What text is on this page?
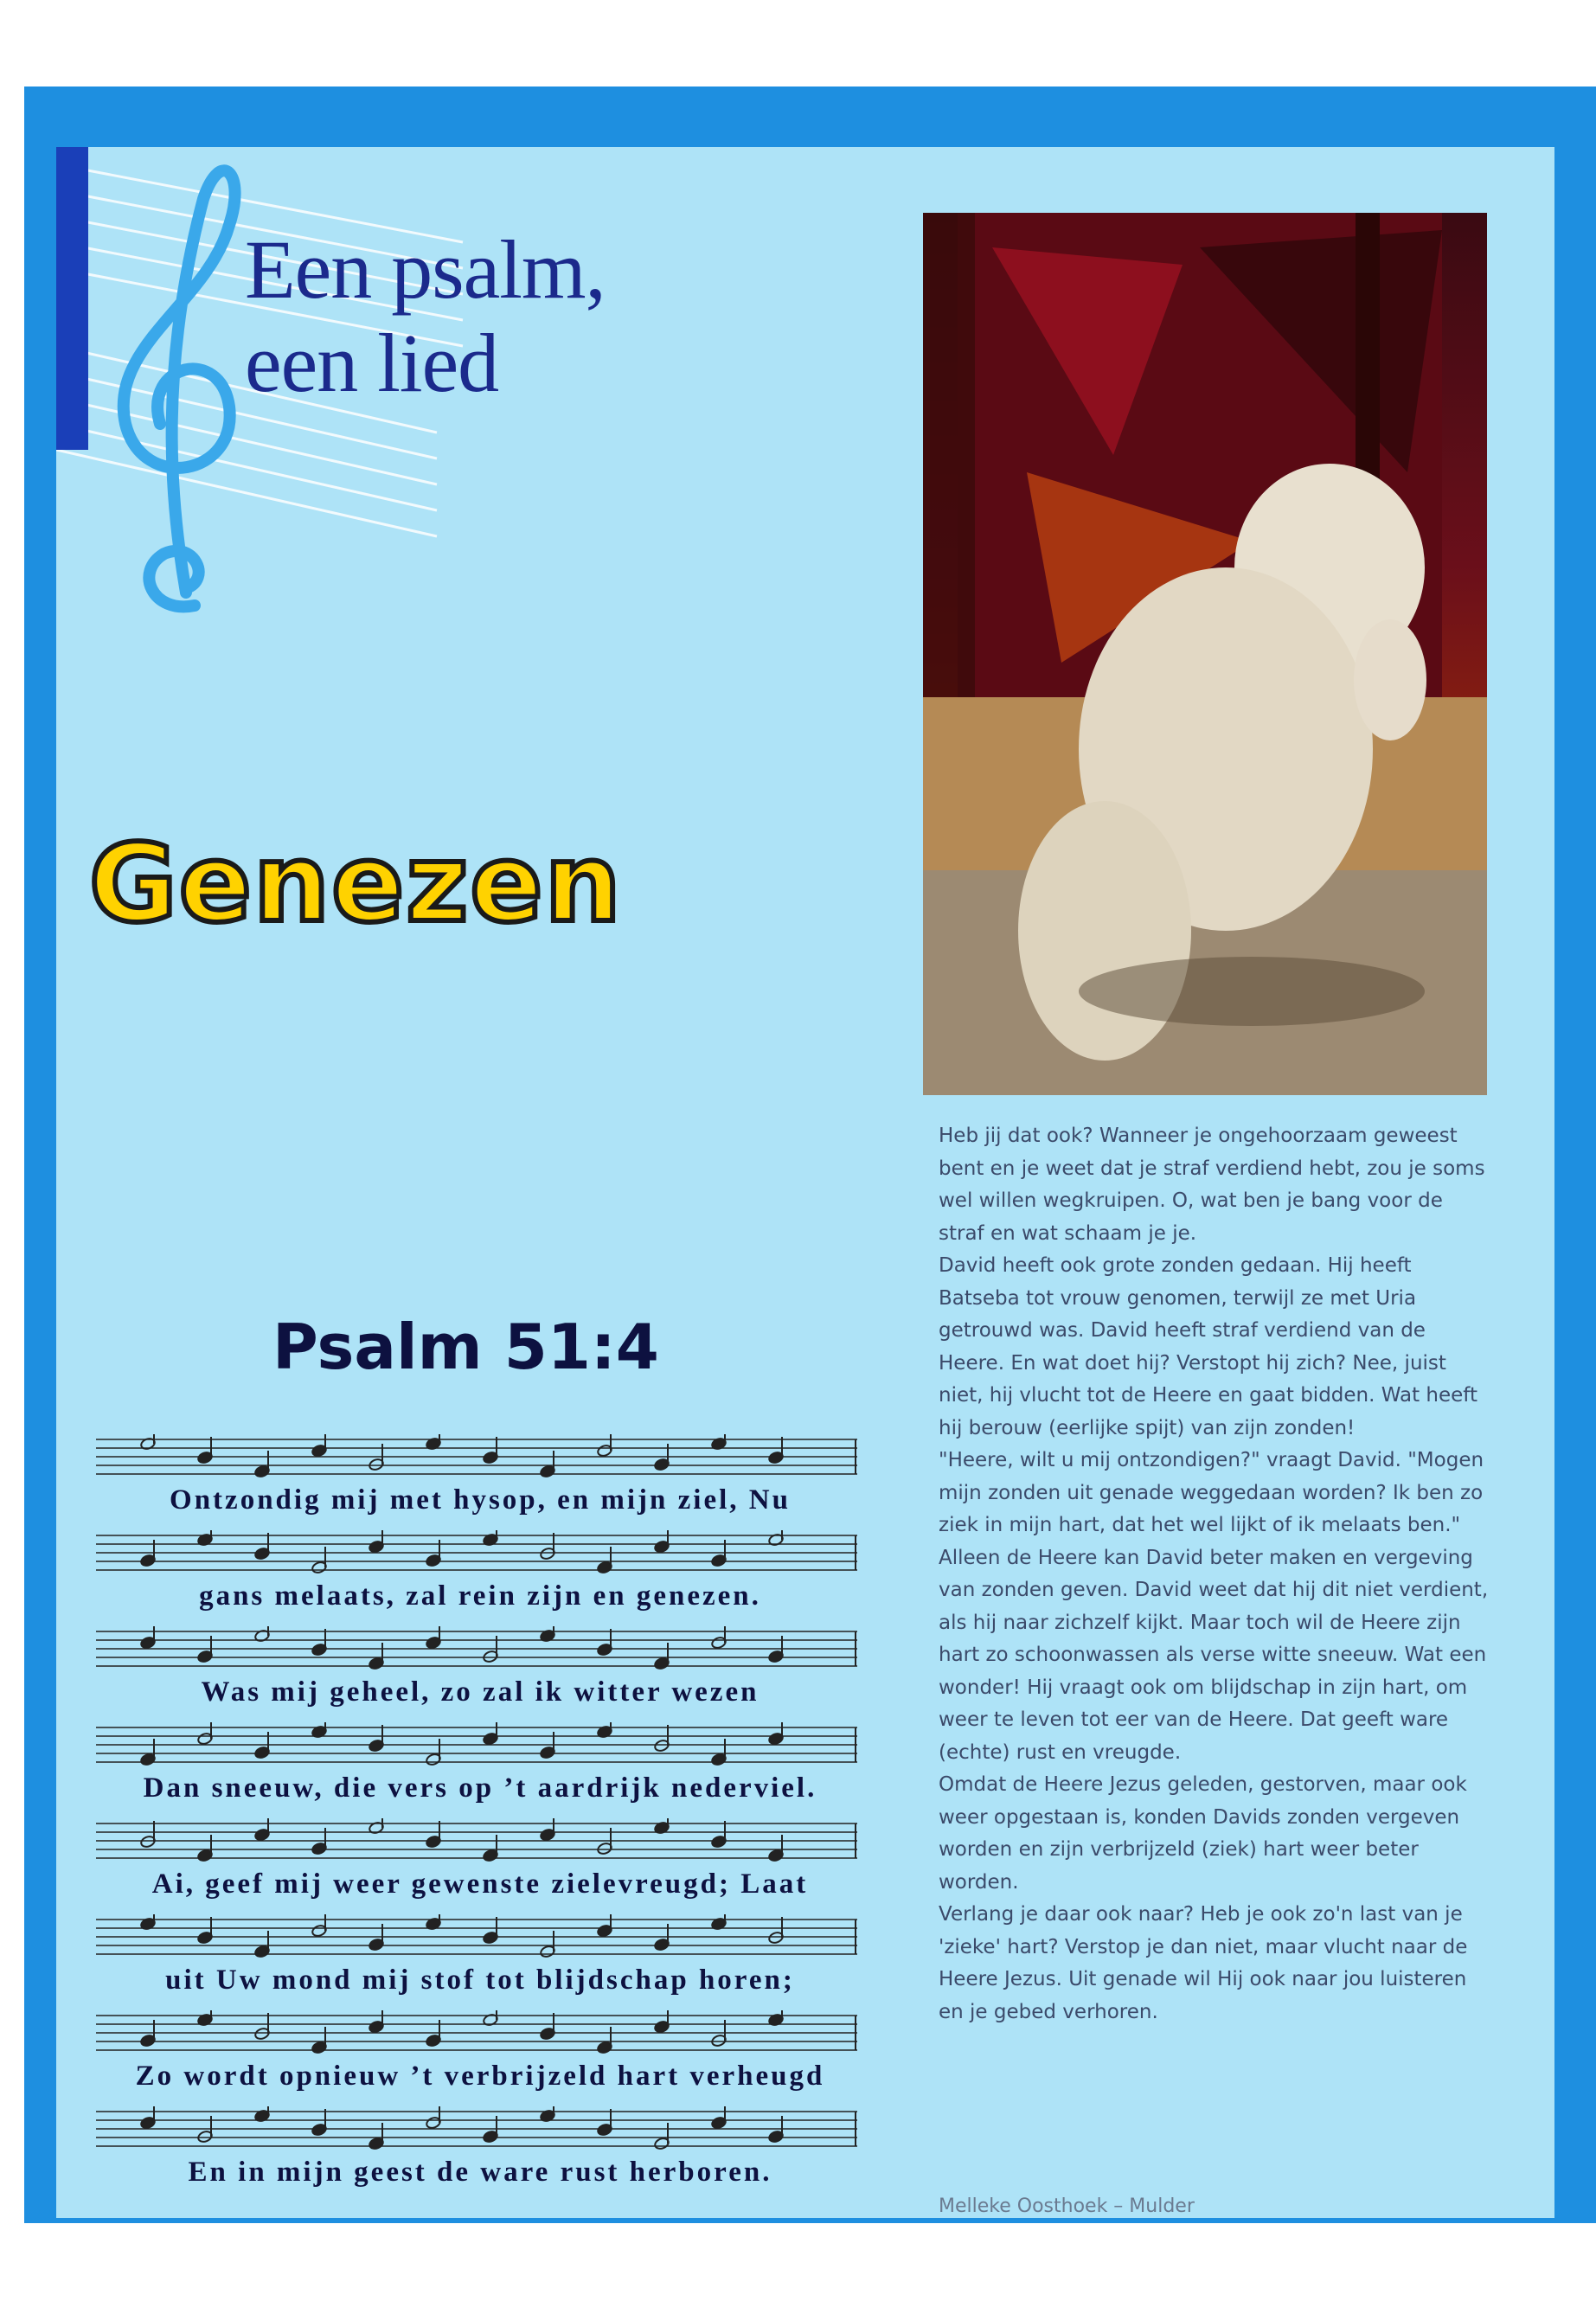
Een psalm,
een lied
Genezen
Psalm 51:4
Ontzondig mij met hysop, en mijn ziel, Nu
gans melaats, zal rein zijn en genezen.
Was mij geheel, zo zal ik witter wezen
Dan sneeuw, die vers op ’t aardrijk nederviel.
Ai, geef mij weer gewenste zielevreugd; Laat
uit Uw mond mij stof tot blijdschap horen;
Zo wordt opnieuw ’t verbrijzeld hart verheugd
En in mijn geest de ware rust herboren.

Heb jij dat ook? Wanneer je ongehoorzaam geweest bent en je weet dat je straf verdiend hebt, zou je soms wel willen wegkruipen. O, wat ben je bang voor de straf en wat schaam je je.

David heeft ook grote zonden gedaan. Hij heeft Batseba tot vrouw genomen, terwijl ze met Uria getrouwd was. David heeft straf verdiend van de Heere. En wat doet hij? Verstopt hij zich? Nee, juist niet, hij vlucht tot de Heere en gaat bidden. Wat heeft hij berouw (eerlijke spijt) van zijn zonden!

"Heere, wilt u mij ontzondigen?" vraagt David. "Mogen mijn zonden uit genade weggedaan worden? Ik ben zo ziek in mijn hart, dat het wel lijkt of ik melaats ben."

Alleen de Heere kan David beter maken en vergeving van zonden geven. David weet dat hij dit niet verdient, als hij naar zichzelf kijkt. Maar toch wil de Heere zijn hart zo schoonwassen als verse witte sneeuw. Wat een wonder! Hij vraagt ook om blijdschap in zijn hart, om weer te leven tot eer van de Heere. Dat geeft ware (echte) rust en vreugde.

Omdat de Heere Jezus geleden, gestorven, maar ook weer opgestaan is, konden Davids zonden vergeven worden en zijn verbrijzeld (ziek) hart weer beter worden.

Verlang je daar ook naar? Heb je ook zo'n last van je 'zieke' hart? Verstop je dan niet, maar vlucht naar de Heere Jezus. Uit genade wil Hij ook naar jou luisteren en je gebed verhoren.

Melleke Oosthoek – Mulder
